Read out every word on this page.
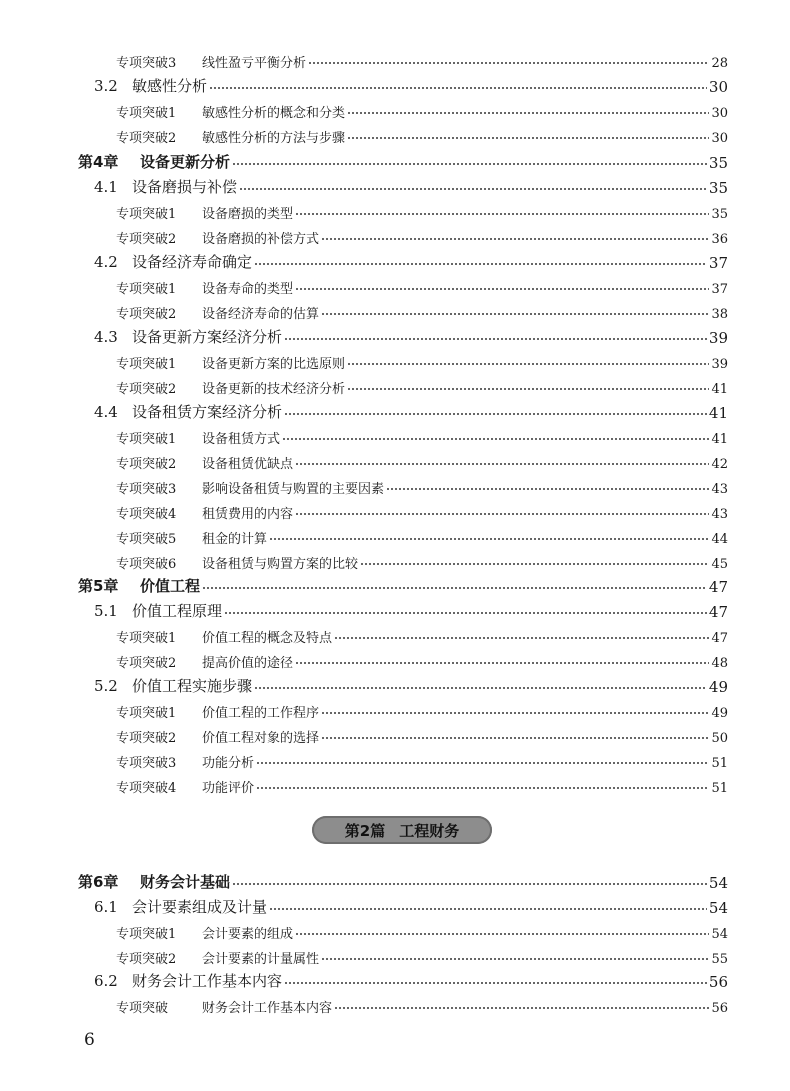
专项突破3 线性盈亏平衡分析	28
3.2 敏感性分析	30
专项突破1 敏感性分析的概念和分类	30
专项突破2 敏感性分析的方法与步骤	30
第4章 设备更新分析	35
4.1 设备磨损与补偿	35
专项突破1 设备磨损的类型	35
专项突破2 设备磨损的补偿方式	36
4.2 设备经济寿命确定	37
专项突破1 设备寿命的类型	37
专项突破2 设备经济寿命的估算	38
4.3 设备更新方案经济分析	39
专项突破1 设备更新方案的比选原则	39
专项突破2 设备更新的技术经济分析	41
4.4 设备租赁方案经济分析	41
专项突破1 设备租赁方式	41
专项突破2 设备租赁优缺点	42
专项突破3 影响设备租赁与购置的主要因素	43
专项突破4 租赁费用的内容	43
专项突破5 租金的计算	44
专项突破6 设备租赁与购置方案的比较	45
第5章 价值工程	47
5.1 价值工程原理	47
专项突破1 价值工程的概念及特点	47
专项突破2 提高价值的途径	48
5.2 价值工程实施步骤	49
专项突破1 价值工程的工作程序	49
专项突破2 价值工程对象的选择	50
专项突破3 功能分析	51
专项突破4 功能评价	51
第6章 财务会计基础	54
6.1 会计要素组成及计量	54
专项突破1 会计要素的组成	54
专项突破2 会计要素的计量属性	55
6.2 财务会计工作基本内容	56
专项突破	财务会计工作基本内容	56
第2篇 工程财务
6
